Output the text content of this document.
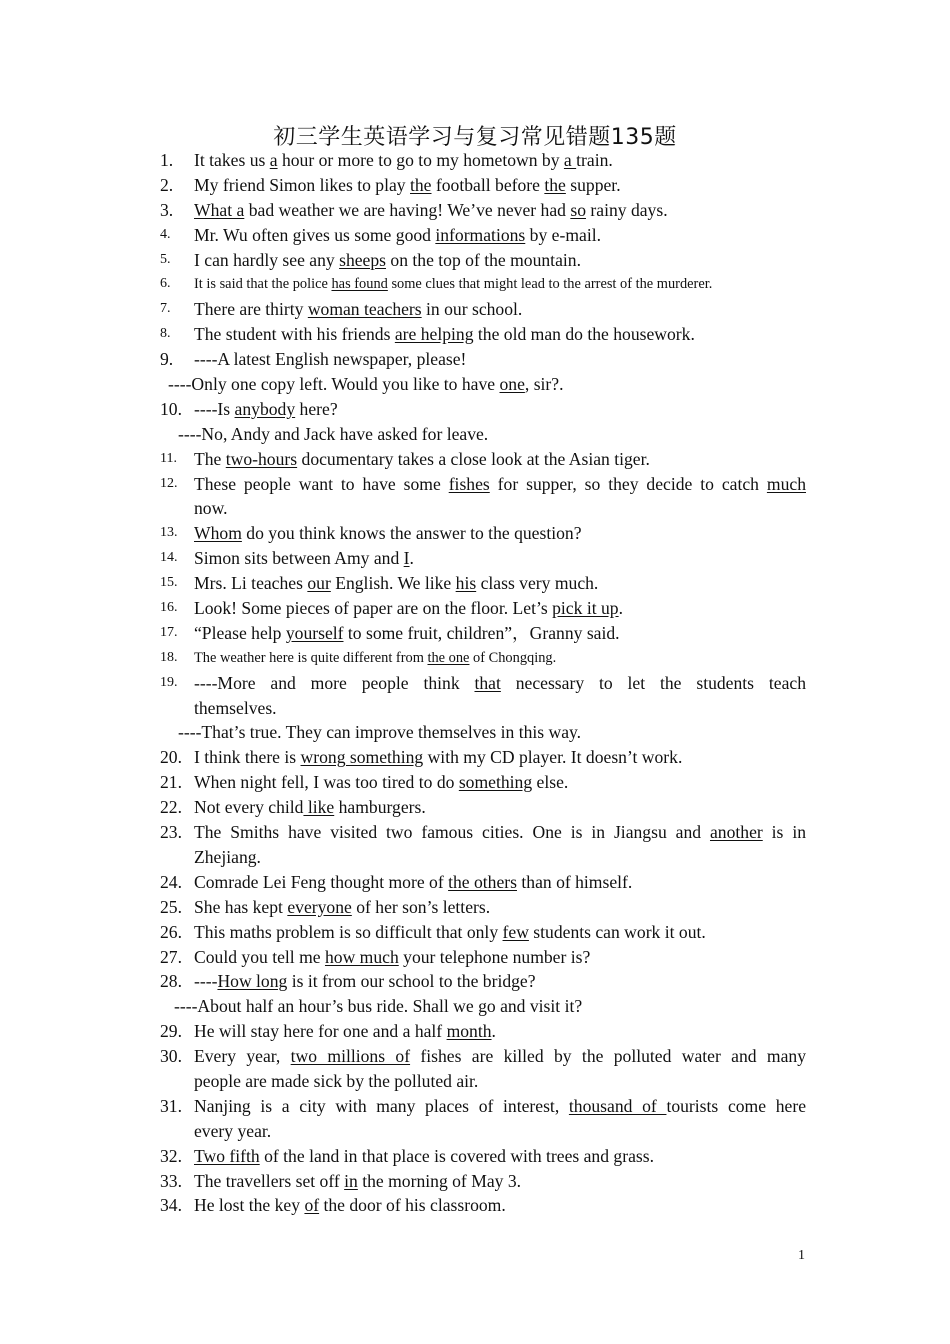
初三学生英语学习与复习常见错题135题
1.	It takes us a hour or more to go to my hometown by a train.
2.	My friend Simon likes to play the football before the supper.
3.	What a bad weather we are having! We’ve never had so rainy days.
4.	Mr. Wu often gives us some good informations by e-mail.
5.	I can hardly see any sheeps on the top of the mountain.
6.	It is said that the police has found some clues that might lead to the arrest of the murderer.
7.	There are thirty woman teachers in our school.
8.	The student with his friends are helping the old man do the housework.
9.	----A latest English newspaper, please!
----Only one copy left. Would you like to have one, sir?.
10. ----Is anybody here?
----No, Andy and Jack have asked for leave.
11. The two-hours documentary takes a close look at the Asian tiger.
12. These people want to have some fishes for supper, so they decide to catch much
now.
13. Whom do you think knows the answer to the question?
14. Simon sits between Amy and I.
15. Mrs. Li teaches our English. We like his class very much.
16. Look! Some pieces of paper are on the floor. Let’s pick it up.
17. “Please help yourself to some fruit, children”，Granny said.
18.	The weather here is quite different from the one of Chongqing.
19. ----More and more people think that necessary to let the students teach
themselves.
----That’s true. They can improve themselves in this way.
20. I think there is wrong something with my CD player. It doesn’t work.
21. When night fell, I was too tired to do something else.
22. Not every child like hamburgers.
23. The Smiths have visited two famous cities. One is in Jiangsu and another is in
Zhejiang.
24. Comrade Lei Feng thought more of the others than of himself.
25. She has kept everyone of her son’s letters.
26. This maths problem is so difficult that only few students can work it out.
27. Could you tell me how much your telephone number is?
28. ----How long is it from our school to the bridge?
----About half an hour’s bus ride. Shall we go and visit it?
29. He will stay here for one and a half month.
30. Every year, two millions of fishes are killed by the polluted water and many
people are made sick by the polluted air.
31. Nanjing is a city with many places of interest, thousand of tourists come here
every year.
32. Two fifth of the land in that place is covered with trees and grass.
33. The travellers set off in the morning of May 3.
34. He lost the key of the door of his classroom.
1
